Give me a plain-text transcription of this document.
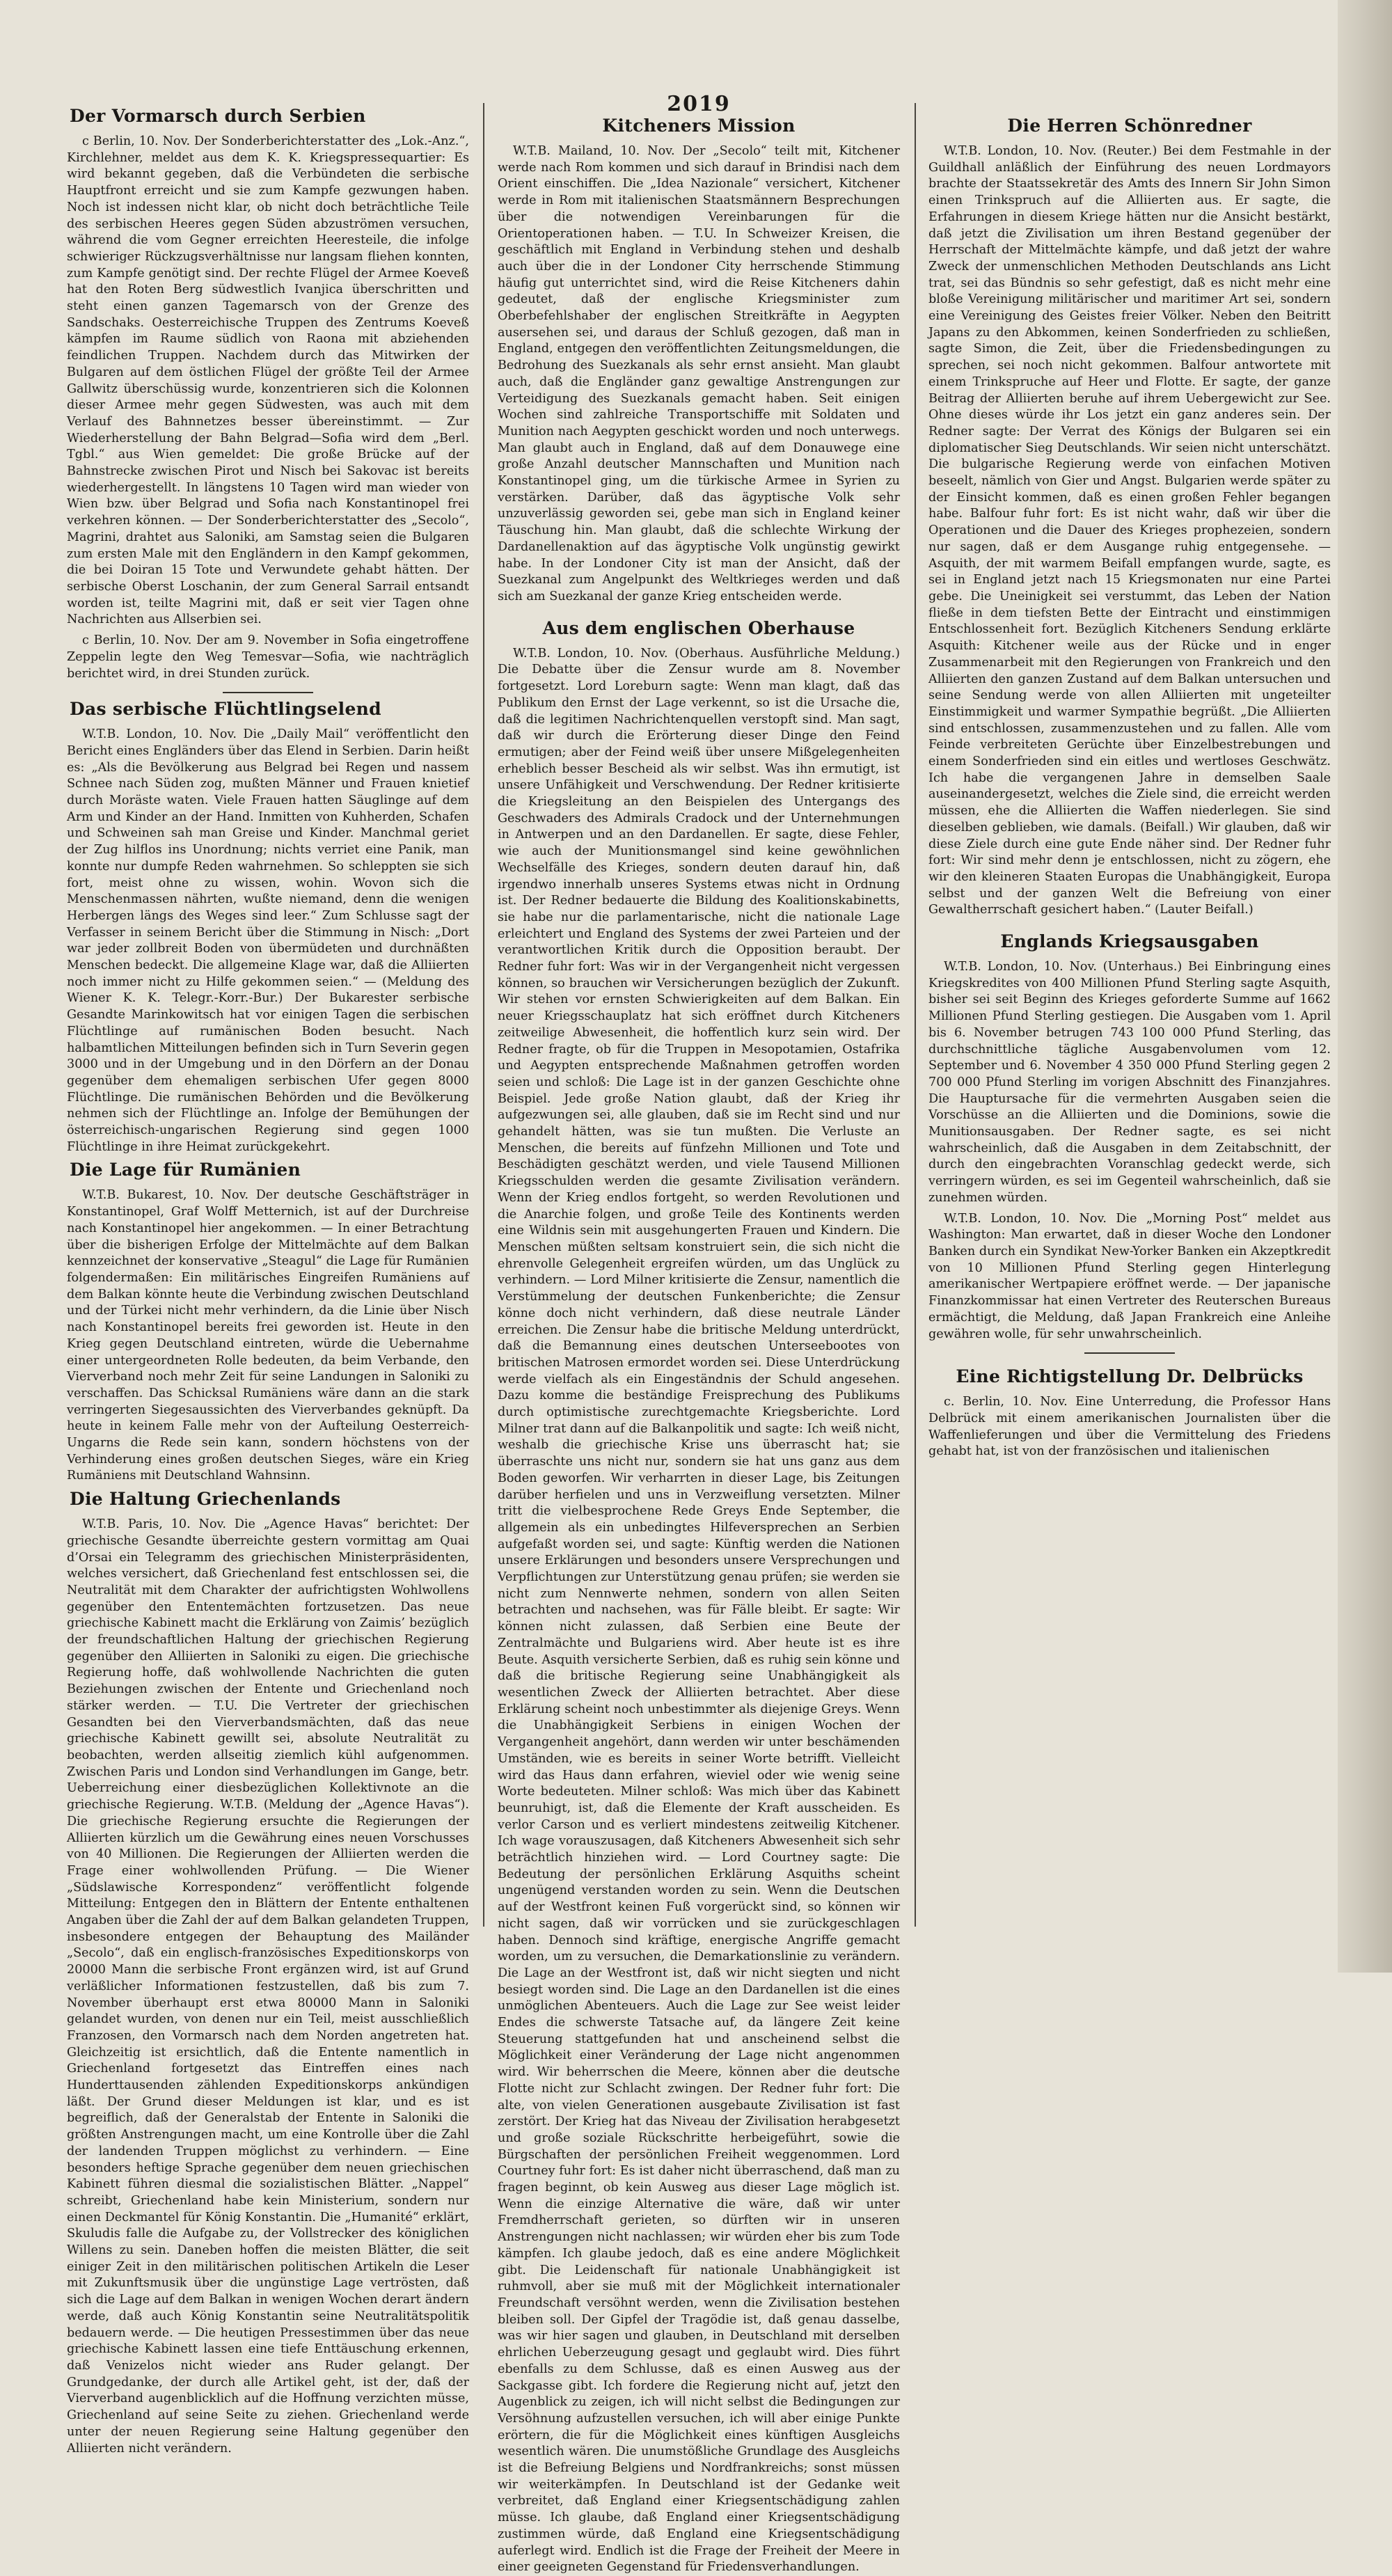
2019
Der Vormarsch durch Serbien

c Berlin, 10. Nov. Der Sonderberichterstatter des „Lok.-Anz.“, Kirchlehner, meldet aus dem K. K. Kriegspressequartier: Es wird bekannt gegeben, daß die Verbündeten die serbische Hauptfront erreicht und sie zum Kampfe gezwungen haben. Noch ist indessen nicht klar, ob nicht doch beträchtliche Teile des serbischen Heeres gegen Süden abzuströmen versuchen, während die vom Gegner erreichten Heeresteile, die infolge schwieriger Rückzugsverhältnisse nur langsam fliehen konnten, zum Kampfe genötigt sind. Der rechte Flügel der Armee Koeveß hat den Roten Berg südwestlich Ivanjica überschritten und steht einen ganzen Tagemarsch von der Grenze des Sandschaks. Oesterreichische Truppen des Zentrums Koeveß kämpfen im Raume südlich von Raona mit abziehenden feindlichen Truppen. Nachdem durch das Mitwirken der Bulgaren auf dem östlichen Flügel der größte Teil der Armee Gallwitz überschüssig wurde, konzentrieren sich die Kolonnen dieser Armee mehr gegen Südwesten, was auch mit dem Verlauf des Bahnnetzes besser übereinstimmt. — Zur Wiederherstellung der Bahn Belgrad—Sofia wird dem „Berl. Tgbl.“ aus Wien gemeldet: Die große Brücke auf der Bahnstrecke zwischen Pirot und Nisch bei Sakovac ist bereits wiederhergestellt. In längstens 10 Tagen wird man wieder von Wien bzw. über Belgrad und Sofia nach Konstantinopel frei verkehren können. — Der Sonderberichterstatter des „Secolo“, Magrini, drahtet aus Saloniki, am Samstag seien die Bulgaren zum ersten Male mit den Engländern in den Kampf gekommen, die bei Doiran 15 Tote und Verwundete gehabt hätten. Der serbische Oberst Loschanin, der zum General Sarrail entsandt worden ist, teilte Magrini mit, daß er seit vier Tagen ohne Nachrichten aus Allserbien sei.

c Berlin, 10. Nov. Der am 9. November in Sofia eingetroffene Zeppelin legte den Weg Temesvar—Sofia, wie nachträglich berichtet wird, in drei Stunden zurück.

Das serbische Flüchtlingselend

W.T.B. London, 10. Nov. Die „Daily Mail“ veröffentlicht den Bericht eines Engländers über das Elend in Serbien. Darin heißt es: „Als die Bevölkerung aus Belgrad bei Regen und nassem Schnee nach Süden zog, mußten Männer und Frauen knietief durch Moräste waten. Viele Frauen hatten Säuglinge auf dem Arm und Kinder an der Hand. Inmitten von Kuhherden, Schafen und Schweinen sah man Greise und Kinder. Manchmal geriet der Zug hilflos ins Unordnung; nichts verriet eine Panik, man konnte nur dumpfe Reden wahrnehmen. So schleppten sie sich fort, meist ohne zu wissen, wohin. Wovon sich die Menschenmassen nährten, wußte niemand, denn die wenigen Herbergen längs des Weges sind leer.“ Zum Schlusse sagt der Verfasser in seinem Bericht über die Stimmung in Nisch: „Dort war jeder zollbreit Boden von übermüdeten und durchnäßten Menschen bedeckt. Die allgemeine Klage war, daß die Alliierten noch immer nicht zu Hilfe gekommen seien.“ — (Meldung des Wiener K. K. Telegr.-Korr.-Bur.) Der Bukarester serbische Gesandte Marinkowitsch hat vor einigen Tagen die serbischen Flüchtlinge auf rumänischen Boden besucht. Nach halbamtlichen Mitteilungen befinden sich in Turn Severin gegen 3000 und in der Umgebung und in den Dörfern an der Donau gegenüber dem ehemaligen serbischen Ufer gegen 8000 Flüchtlinge. Die rumänischen Behörden und die Bevölkerung nehmen sich der Flüchtlinge an. Infolge der Bemühungen der österreichisch-ungarischen Regierung sind gegen 1000 Flüchtlinge in ihre Heimat zurückgekehrt.

Die Lage für Rumänien

W.T.B. Bukarest, 10. Nov. Der deutsche Geschäftsträger in Konstantinopel, Graf Wolff Metternich, ist auf der Durchreise nach Konstantinopel hier angekommen. — In einer Betrachtung über die bisherigen Erfolge der Mittelmächte auf dem Balkan kennzeichnet der konservative „Steagul“ die Lage für Rumänien folgendermaßen: Ein militärisches Eingreifen Rumäniens auf dem Balkan könnte heute die Verbindung zwischen Deutschland und der Türkei nicht mehr verhindern, da die Linie über Nisch nach Konstantinopel bereits frei geworden ist. Heute in den Krieg gegen Deutschland eintreten, würde die Uebernahme einer untergeordneten Rolle bedeuten, da beim Verbande, den Vierverband noch mehr Zeit für seine Landungen in Saloniki zu verschaffen. Das Schicksal Rumäniens wäre dann an die stark verringerten Siegesaussichten des Vierverbandes geknüpft. Da heute in keinem Falle mehr von der Aufteilung Oesterreich-Ungarns die Rede sein kann, sondern höchstens von der Verhinderung eines großen deutschen Sieges, wäre ein Krieg Rumäniens mit Deutschland Wahnsinn.

Die Haltung Griechenlands

W.T.B. Paris, 10. Nov. Die „Agence Havas“ berichtet: Der griechische Gesandte überreichte gestern vormittag am Quai d’Orsai ein Telegramm des griechischen Ministerpräsidenten, welches versichert, daß Griechenland fest entschlossen sei, die Neutralität mit dem Charakter der aufrichtigsten Wohlwollens gegenüber den Ententemächten fortzusetzen. Das neue griechische Kabinett macht die Erklärung von Zaimis’ bezüglich der freundschaftlichen Haltung der griechischen Regierung gegenüber den Alliierten in Saloniki zu eigen. Die griechische Regierung hoffe, daß wohlwollende Nachrichten die guten Beziehungen zwischen der Entente und Griechenland noch stärker werden. — T.U. Die Vertreter der griechischen Gesandten bei den Vierverbandsmächten, daß das neue griechische Kabinett gewillt sei, absolute Neutralität zu beobachten, werden allseitig ziemlich kühl aufgenommen. Zwischen Paris und London sind Verhandlungen im Gange, betr. Ueberreichung einer diesbezüglichen Kollektivnote an die griechische Regierung. W.T.B. (Meldung der „Agence Havas“). Die griechische Regierung ersuchte die Regierungen der Alliierten kürzlich um die Gewährung eines neuen Vorschusses von 40 Millionen. Die Regierungen der Alliierten werden die Frage einer wohlwollenden Prüfung. — Die Wiener „Südslawische Korrespondenz“ veröffentlicht folgende Mitteilung: Entgegen den in Blättern der Entente enthaltenen Angaben über die Zahl der auf dem Balkan gelandeten Truppen, insbesondere entgegen der Behauptung des Mailänder „Secolo“, daß ein englisch-französisches Expeditionskorps von 20000 Mann die serbische Front ergänzen wird, ist auf Grund verläßlicher Informationen festzustellen, daß bis zum 7. November überhaupt erst etwa 80000 Mann in Saloniki gelandet wurden, von denen nur ein Teil, meist ausschließlich Franzosen, den Vormarsch nach dem Norden angetreten hat. Gleichzeitig ist ersichtlich, daß die Entente namentlich in Griechenland fortgesetzt das Eintreffen eines nach Hunderttausenden zählenden Expeditionskorps ankündigen läßt. Der Grund dieser Meldungen ist klar, und es ist begreiflich, daß der Generalstab der Entente in Saloniki die größten Anstrengungen macht, um eine Kontrolle über die Zahl der landenden Truppen möglichst zu verhindern. — Eine besonders heftige Sprache gegenüber dem neuen griechischen Kabinett führen diesmal die sozialistischen Blätter. „Nappel“ schreibt, Griechenland habe kein Ministerium, sondern nur einen Deckmantel für König Konstantin. Die „Humanité“ erklärt, Skuludis falle die Aufgabe zu, der Vollstrecker des königlichen Willens zu sein. Daneben hoffen die meisten Blätter, die seit einiger Zeit in den militärischen politischen Artikeln die Leser mit Zukunftsmusik über die ungünstige Lage vertrösten, daß sich die Lage auf dem Balkan in wenigen Wochen derart ändern werde, daß auch König Konstantin seine Neutralitätspolitik bedauern werde. — Die heutigen Pressestimmen über das neue griechische Kabinett lassen eine tiefe Enttäuschung erkennen, daß Venizelos nicht wieder ans Ruder gelangt. Der Grundgedanke, der durch alle Artikel geht, ist der, daß der Vierverband augenblicklich auf die Hoffnung verzichten müsse, Griechenland auf seine Seite zu ziehen. Griechenland werde unter der neuen Regierung seine Haltung gegenüber den Alliierten nicht verändern.

Kitcheners Mission

W.T.B. Mailand, 10. Nov. Der „Secolo“ teilt mit, Kitchener werde nach Rom kommen und sich darauf in Brindisi nach dem Orient einschiffen. Die „Idea Nazionale“ versichert, Kitchener werde in Rom mit italienischen Staatsmännern Besprechungen über die notwendigen Vereinbarungen für die Orientoperationen haben. — T.U. In Schweizer Kreisen, die geschäftlich mit England in Verbindung stehen und deshalb auch über die in der Londoner City herrschende Stimmung häufig gut unterrichtet sind, wird die Reise Kitcheners dahin gedeutet, daß der englische Kriegsminister zum Oberbefehlshaber der englischen Streitkräfte in Aegypten ausersehen sei, und daraus der Schluß gezogen, daß man in England, entgegen den veröffentlichten Zeitungsmeldungen, die Bedrohung des Suezkanals als sehr ernst ansieht. Man glaubt auch, daß die Engländer ganz gewaltige Anstrengungen zur Verteidigung des Suezkanals gemacht haben. Seit einigen Wochen sind zahlreiche Transportschiffe mit Soldaten und Munition nach Aegypten geschickt worden und noch unterwegs. Man glaubt auch in England, daß auf dem Donauwege eine große Anzahl deutscher Mannschaften und Munition nach Konstantinopel ging, um die türkische Armee in Syrien zu verstärken. Darüber, daß das ägyptische Volk sehr unzuverlässig geworden sei, gebe man sich in England keiner Täuschung hin. Man glaubt, daß die schlechte Wirkung der Dardanellenaktion auf das ägyptische Volk ungünstig gewirkt habe. In der Londoner City ist man der Ansicht, daß der Suezkanal zum Angelpunkt des Weltkrieges werden und daß sich am Suezkanal der ganze Krieg entscheiden werde.

Aus dem englischen Oberhause

W.T.B. London, 10. Nov. (Oberhaus. Ausführliche Meldung.) Die Debatte über die Zensur wurde am 8. November fortgesetzt. Lord Loreburn sagte: Wenn man klagt, daß das Publikum den Ernst der Lage verkennt, so ist die Ursache die, daß die legitimen Nachrichtenquellen verstopft sind. Man sagt, daß wir durch die Erörterung dieser Dinge den Feind ermutigen; aber der Feind weiß über unsere Mißgelegenheiten erheblich besser Bescheid als wir selbst. Was ihn ermutigt, ist unsere Unfähigkeit und Verschwendung. Der Redner kritisierte die Kriegsleitung an den Beispielen des Untergangs des Geschwaders des Admirals Cradock und der Unternehmungen in Antwerpen und an den Dardanellen. Er sagte, diese Fehler, wie auch der Munitionsmangel sind keine gewöhnlichen Wechselfälle des Krieges, sondern deuten darauf hin, daß irgendwo innerhalb unseres Systems etwas nicht in Ordnung ist. Der Redner bedauerte die Bildung des Koalitionskabinetts, sie habe nur die parlamentarische, nicht die nationale Lage erleichtert und England des Systems der zwei Parteien und der verantwortlichen Kritik durch die Opposition beraubt. Der Redner fuhr fort: Was wir in der Vergangenheit nicht vergessen können, so brauchen wir Versicherungen bezüglich der Zukunft. Wir stehen vor ernsten Schwierigkeiten auf dem Balkan. Ein neuer Kriegsschauplatz hat sich eröffnet durch Kitcheners zeitweilige Abwesenheit, die hoffentlich kurz sein wird. Der Redner fragte, ob für die Truppen in Mesopotamien, Ostafrika und Aegypten entsprechende Maßnahmen getroffen worden seien und schloß: Die Lage ist in der ganzen Geschichte ohne Beispiel. Jede große Nation glaubt, daß der Krieg ihr aufgezwungen sei, alle glauben, daß sie im Recht sind und nur gehandelt hätten, was sie tun mußten. Die Verluste an Menschen, die bereits auf fünfzehn Millionen und Tote und Beschädigten geschätzt werden, und viele Tausend Millionen Kriegsschulden werden die gesamte Zivilisation verändern. Wenn der Krieg endlos fortgeht, so werden Revolutionen und die Anarchie folgen, und große Teile des Kontinents werden eine Wildnis sein mit ausgehungerten Frauen und Kindern. Die Menschen müßten seltsam konstruiert sein, die sich nicht die ehrenvolle Gelegenheit ergreifen würden, um das Unglück zu verhindern. — Lord Milner kritisierte die Zensur, namentlich die Verstümmelung der deutschen Funkenberichte; die Zensur könne doch nicht verhindern, daß diese neutrale Länder erreichen. Die Zensur habe die britische Meldung unterdrückt, daß die Bemannung eines deutschen Unterseebootes von britischen Matrosen ermordet worden sei. Diese Unterdrückung werde vielfach als ein Eingeständnis der Schuld angesehen. Dazu komme die beständige Freisprechung des Publikums durch optimistische zurechtgemachte Kriegsberichte. Lord Milner trat dann auf die Balkanpolitik und sagte: Ich weiß nicht, weshalb die griechische Krise uns überrascht hat; sie überraschte uns nicht nur, sondern sie hat uns ganz aus dem Boden geworfen. Wir verharrten in dieser Lage, bis Zeitungen darüber herfielen und uns in Verzweiflung versetzten. Milner tritt die vielbesprochene Rede Greys Ende September, die allgemein als ein unbedingtes Hilfeversprechen an Serbien aufgefaßt worden sei, und sagte: Künftig werden die Nationen unsere Erklärungen und besonders unsere Versprechungen und Verpflichtungen zur Unterstützung genau prüfen; sie werden sie nicht zum Nennwerte nehmen, sondern von allen Seiten betrachten und nachsehen, was für Fälle bleibt. Er sagte: Wir können nicht zulassen, daß Serbien eine Beute der Zentralmächte und Bulgariens wird. Aber heute ist es ihre Beute. Asquith versicherte Serbien, daß es ruhig sein könne und daß die britische Regierung seine Unabhängigkeit als wesentlichen Zweck der Alliierten betrachtet. Aber diese Erklärung scheint noch unbestimmter als diejenige Greys. Wenn die Unabhängigkeit Serbiens in einigen Wochen der Vergangenheit angehört, dann werden wir unter beschämenden Umständen, wie es bereits in seiner Worte betrifft. Vielleicht wird das Haus dann erfahren, wieviel oder wie wenig seine Worte bedeuteten. Milner schloß: Was mich über das Kabinett beunruhigt, ist, daß die Elemente der Kraft ausscheiden. Es verlor Carson und es verliert mindestens zeitweilig Kitchener. Ich wage vorauszusagen, daß Kitcheners Abwesenheit sich sehr beträchtlich hinziehen wird. — Lord Courtney sagte: Die Bedeutung der persönlichen Erklärung Asquiths scheint ungenügend verstanden worden zu sein. Wenn die Deutschen auf der Westfront keinen Fuß vorgerückt sind, so können wir nicht sagen, daß wir vorrücken und sie zurückgeschlagen haben. Dennoch sind kräftige, energische Angriffe gemacht worden, um zu versuchen, die Demarkationslinie zu verändern. Die Lage an der Westfront ist, daß wir nicht siegten und nicht besiegt worden sind. Die Lage an den Dardanellen ist die eines unmöglichen Abenteuers. Auch die Lage zur See weist leider Endes die schwerste Tatsache auf, da längere Zeit keine Steuerung stattgefunden hat und anscheinend selbst die Möglichkeit einer Veränderung der Lage nicht angenommen wird. Wir beherrschen die Meere, können aber die deutsche Flotte nicht zur Schlacht zwingen. Der Redner fuhr fort: Die alte, von vielen Generationen ausgebaute Zivilisation ist fast zerstört. Der Krieg hat das Niveau der Zivilisation herabgesetzt und große soziale Rückschritte herbeigeführt, sowie die Bürgschaften der persönlichen Freiheit weggenommen. Lord Courtney fuhr fort: Es ist daher nicht überraschend, daß man zu fragen beginnt, ob kein Ausweg aus dieser Lage möglich ist. Wenn die einzige Alternative die wäre, daß wir unter Fremdherrschaft gerieten, so dürften wir in unseren Anstrengungen nicht nachlassen; wir würden eher bis zum Tode kämpfen. Ich glaube jedoch, daß es eine andere Möglichkeit gibt. Die Leidenschaft für nationale Unabhängigkeit ist ruhmvoll, aber sie muß mit der Möglichkeit internationaler Freundschaft versöhnt werden, wenn die Zivilisation bestehen bleiben soll. Der Gipfel der Tragödie ist, daß genau dasselbe, was wir hier sagen und glauben, in Deutschland mit derselben ehrlichen Ueberzeugung gesagt und geglaubt wird. Dies führt ebenfalls zu dem Schlusse, daß es einen Ausweg aus der Sackgasse gibt. Ich fordere die Regierung nicht auf, jetzt den Augenblick zu zeigen, ich will nicht selbst die Bedingungen zur Versöhnung aufzustellen versuchen, ich will aber einige Punkte erörtern, die für die Möglichkeit eines künftigen Ausgleichs wesentlich wären. Die unumstößliche Grundlage des Ausgleichs ist die Befreiung Belgiens und Nordfrankreichs; sonst müssen wir weiterkämpfen. In Deutschland ist der Gedanke weit verbreitet, daß England einer Kriegsentschädigung zahlen müsse. Ich glaube, daß England einer Kriegsentschädigung zustimmen würde, daß England eine Kriegsentschädigung auferlegt wird. Endlich ist die Frage der Freiheit der Meere in einer geeigneten Gegenstand für Friedensverhandlungen.

Die Herren Schönredner

W.T.B. London, 10. Nov. (Reuter.) Bei dem Festmahle in der Guildhall anläßlich der Einführung des neuen Lordmayors brachte der Staatssekretär des Amts des Innern Sir John Simon einen Trinkspruch auf die Alliierten aus. Er sagte, die Erfahrungen in diesem Kriege hätten nur die Ansicht bestärkt, daß jetzt die Zivilisation um ihren Bestand gegenüber der Herrschaft der Mittelmächte kämpfe, und daß jetzt der wahre Zweck der unmenschlichen Methoden Deutschlands ans Licht trat, sei das Bündnis so sehr gefestigt, daß es nicht mehr eine bloße Vereinigung militärischer und maritimer Art sei, sondern eine Vereinigung des Geistes freier Völker. Neben den Beitritt Japans zu den Abkommen, keinen Sonderfrieden zu schließen, sagte Simon, die Zeit, über die Friedensbedingungen zu sprechen, sei noch nicht gekommen. Balfour antwortete mit einem Trinkspruche auf Heer und Flotte. Er sagte, der ganze Beitrag der Alliierten beruhe auf ihrem Uebergewicht zur See. Ohne dieses würde ihr Los jetzt ein ganz anderes sein. Der Redner sagte: Der Verrat des Königs der Bulgaren sei ein diplomatischer Sieg Deutschlands. Wir seien nicht unterschätzt. Die bulgarische Regierung werde von einfachen Motiven beseelt, nämlich von Gier und Angst. Bulgarien werde später zu der Einsicht kommen, daß es einen großen Fehler begangen habe. Balfour fuhr fort: Es ist nicht wahr, daß wir über die Operationen und die Dauer des Krieges prophezeien, sondern nur sagen, daß er dem Ausgange ruhig entgegensehe. — Asquith, der mit warmem Beifall empfangen wurde, sagte, es sei in England jetzt nach 15 Kriegsmonaten nur eine Partei gebe. Die Uneinigkeit sei verstummt, das Leben der Nation fließe in dem tiefsten Bette der Eintracht und einstimmigen Entschlossenheit fort. Bezüglich Kitcheners Sendung erklärte Asquith: Kitchener weile aus der Rücke und in enger Zusammenarbeit mit den Regierungen von Frankreich und den Alliierten den ganzen Zustand auf dem Balkan untersuchen und seine Sendung werde von allen Alliierten mit ungeteilter Einstimmigkeit und warmer Sympathie begrüßt. „Die Alliierten sind entschlossen, zusammenzustehen und zu fallen. Alle vom Feinde verbreiteten Gerüchte über Einzelbestrebungen und einem Sonderfrieden sind ein eitles und wertloses Geschwätz. Ich habe die vergangenen Jahre in demselben Saale auseinandergesetzt, welches die Ziele sind, die erreicht werden müssen, ehe die Alliierten die Waffen niederlegen. Sie sind dieselben geblieben, wie damals. (Beifall.) Wir glauben, daß wir diese Ziele durch eine gute Ende näher sind. Der Redner fuhr fort: Wir sind mehr denn je entschlossen, nicht zu zögern, ehe wir den kleineren Staaten Europas die Unabhängigkeit, Europa selbst und der ganzen Welt die Befreiung von einer Gewaltherrschaft gesichert haben.“ (Lauter Beifall.)

Englands Kriegsausgaben

W.T.B. London, 10. Nov. (Unterhaus.) Bei Einbringung eines Kriegskredites von 400 Millionen Pfund Sterling sagte Asquith, bisher sei seit Beginn des Krieges geforderte Summe auf 1662 Millionen Pfund Sterling gestiegen. Die Ausgaben vom 1. April bis 6. November betrugen 743 100 000 Pfund Sterling, das durchschnittliche tägliche Ausgabenvolumen vom 12. September und 6. November 4 350 000 Pfund Sterling gegen 2 700 000 Pfund Sterling im vorigen Abschnitt des Finanzjahres. Die Hauptursache für die vermehrten Ausgaben seien die Vorschüsse an die Alliierten und die Dominions, sowie die Munitionsausgaben. Der Redner sagte, es sei nicht wahrscheinlich, daß die Ausgaben in dem Zeitabschnitt, der durch den eingebrachten Voranschlag gedeckt werde, sich verringern würden, es sei im Gegenteil wahrscheinlich, daß sie zunehmen würden.

W.T.B. London, 10. Nov. Die „Morning Post“ meldet aus Washington: Man erwartet, daß in dieser Woche den Londoner Banken durch ein Syndikat New-Yorker Banken ein Akzeptkredit von 10 Millionen Pfund Sterling gegen Hinterlegung amerikanischer Wertpapiere eröffnet werde. — Der japanische Finanzkommissar hat einen Vertreter des Reuterschen Bureaus ermächtigt, die Meldung, daß Japan Frankreich eine Anleihe gewähren wolle, für sehr unwahrscheinlich.

Eine Richtigstellung Dr. Delbrücks

c. Berlin, 10. Nov. Eine Unterredung, die Professor Hans Delbrück mit einem amerikanischen Journalisten über die Waffenlieferungen und über die Vermittelung des Friedens gehabt hat, ist von der französischen und italienischen
